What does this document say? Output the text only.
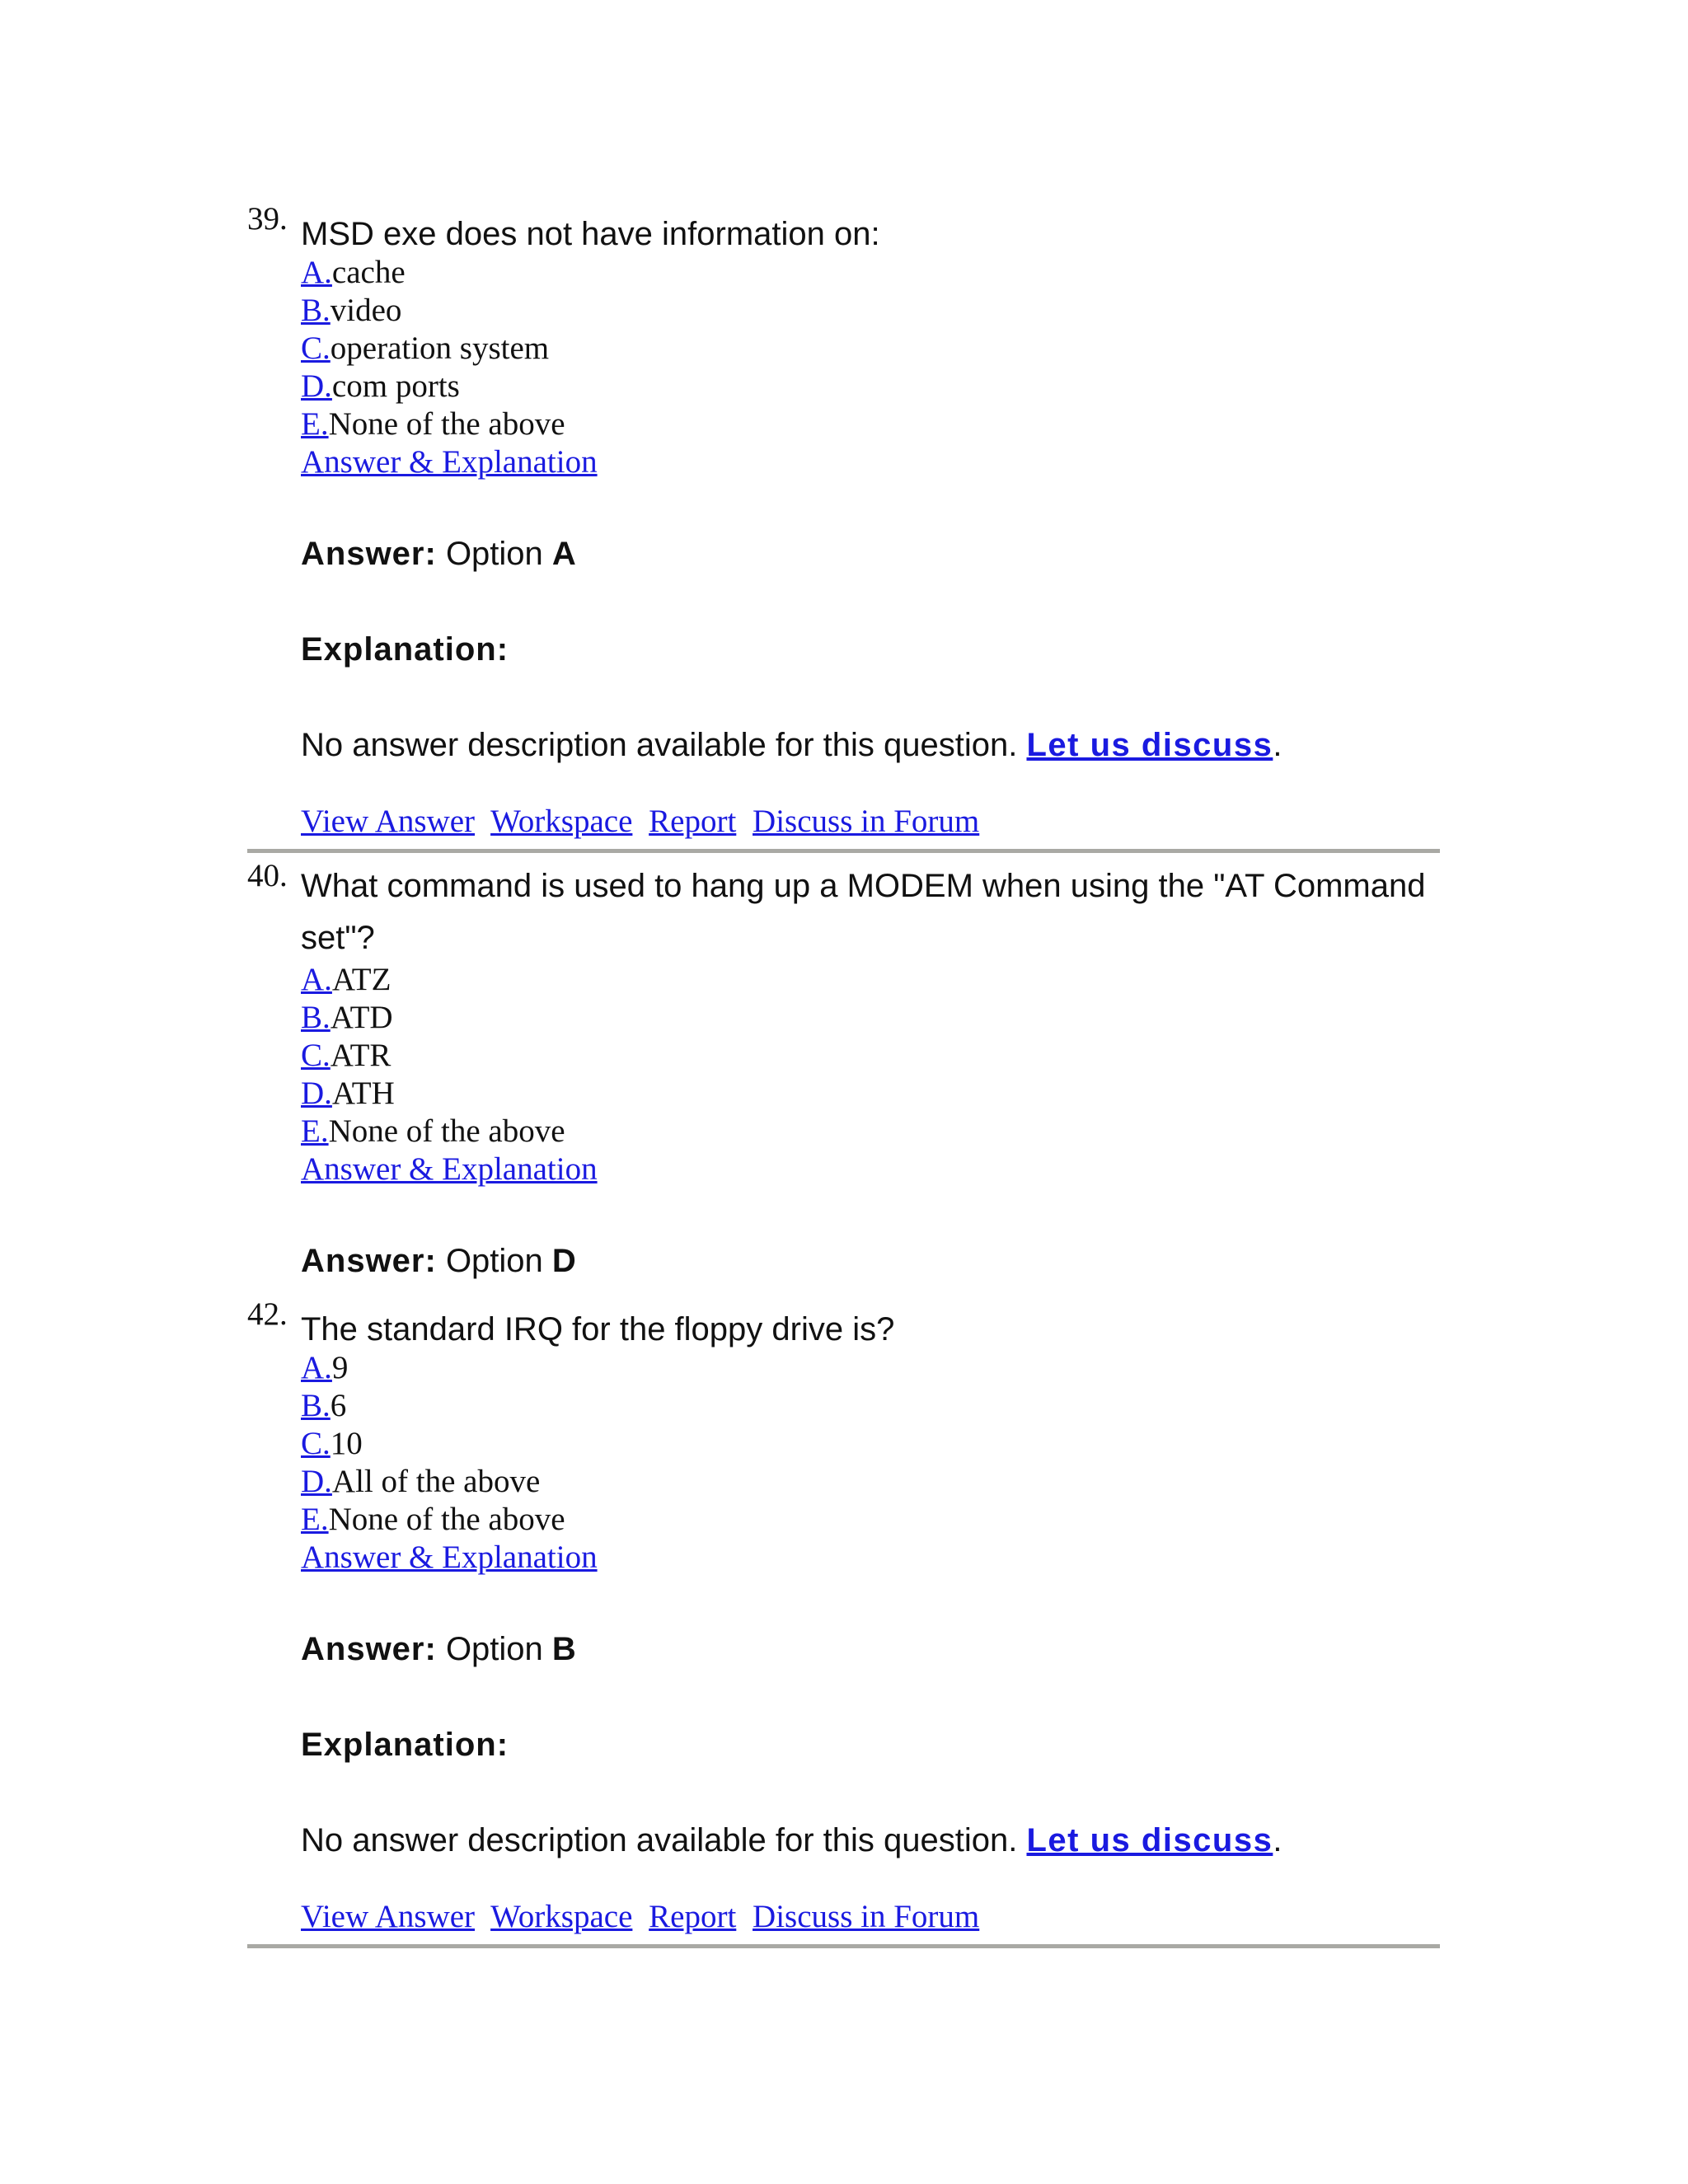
39. MSD exe does not have information on:

A.cache
B.video
C.operation system
D.com ports
E.None of the above
Answer & Explanation
Answer: Option A
Explanation:
No answer description available for this question. Let us discuss.
View Answer Workspace Report Discuss in Forum
40. What command is used to hang up a MODEM when using the "AT Command

set"?

A.ATZ
B.ATD
C.ATR
D.ATH
E.None of the above
Answer & Explanation
Answer: Option D
42. The standard IRQ for the floppy drive is?

A.9
B.6
C.10
D.All of the above
E.None of the above
Answer & Explanation
Answer: Option B
Explanation:
No answer description available for this question. Let us discuss.
View Answer Workspace Report Discuss in Forum
